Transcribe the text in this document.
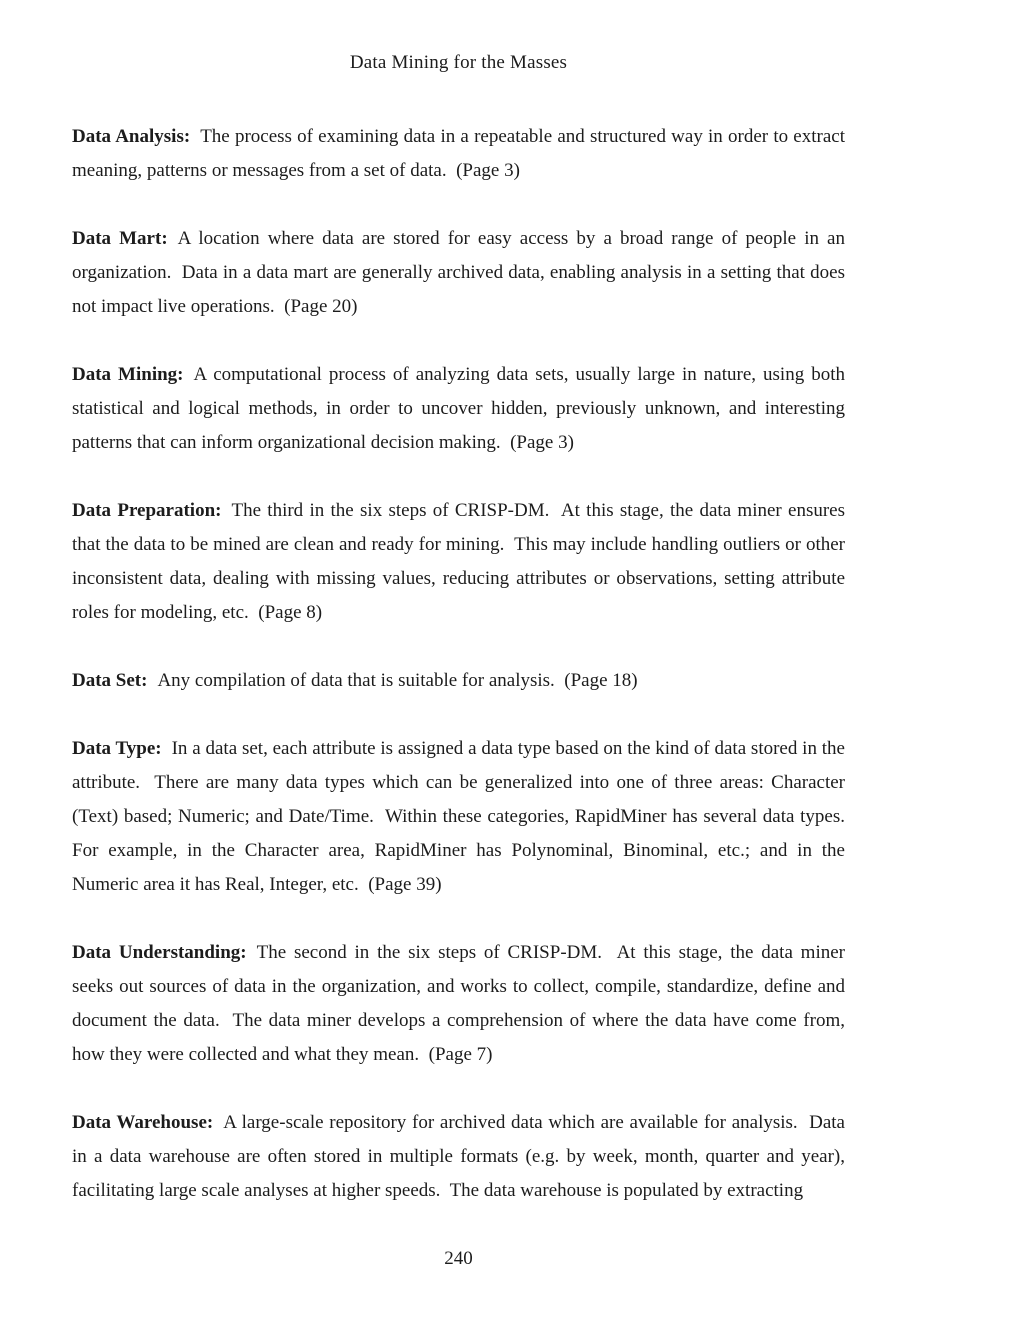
Data Mining for the Masses

Data Analysis: The process of examining data in a repeatable and structured way in order to extract meaning, patterns or messages from a set of data.  (Page 3)

Data Mart: A location where data are stored for easy access by a broad range of people in an organization.  Data in a data mart are generally archived data, enabling analysis in a setting that does not impact live operations.  (Page 20)

Data Mining: A computational process of analyzing data sets, usually large in nature, using both statistical and logical methods, in order to uncover hidden, previously unknown, and interesting patterns that can inform organizational decision making.  (Page 3)

Data Preparation: The third in the six steps of CRISP-DM.  At this stage, the data miner ensures that the data to be mined are clean and ready for mining.  This may include handling outliers or other inconsistent data, dealing with missing values, reducing attributes or observations, setting attribute roles for modeling, etc.  (Page 8)

Data Set: Any compilation of data that is suitable for analysis.  (Page 18)

Data Type: In a data set, each attribute is assigned a data type based on the kind of data stored in the attribute.  There are many data types which can be generalized into one of three areas: Character (Text) based; Numeric; and Date/Time.  Within these categories, RapidMiner has several data types.  For example, in the Character area, RapidMiner has Polynominal, Binominal, etc.; and in the Numeric area it has Real, Integer, etc.  (Page 39)

Data Understanding: The second in the six steps of CRISP-DM.  At this stage, the data miner seeks out sources of data in the organization, and works to collect, compile, standardize, define and document the data.  The data miner develops a comprehension of where the data have come from, how they were collected and what they mean.  (Page 7)

Data Warehouse: A large-scale repository for archived data which are available for analysis.  Data in a data warehouse are often stored in multiple formats (e.g. by week, month, quarter and year), facilitating large scale analyses at higher speeds.  The data warehouse is populated by extracting

240
